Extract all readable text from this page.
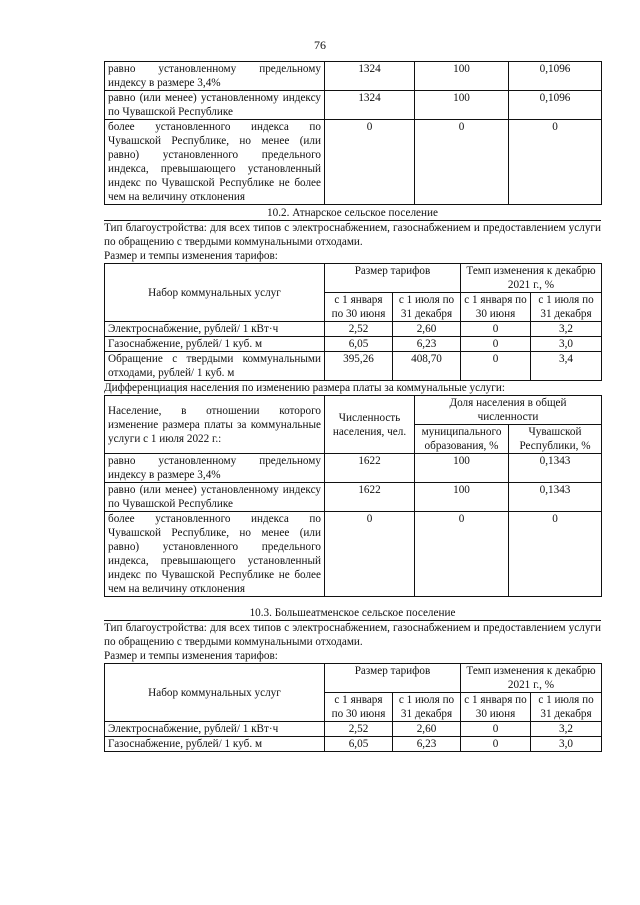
76
равно установленному предельному индексу в размере 3,4%	1324	100	0,1096
равно (или менее) установленному индексу по Чувашской Республике	1324	100	0,1096
более установленного индекса по Чувашской Республике, но менее (или равно) установленного предельного индекса, превышающего установленный индекс по Чувашской Республике не более чем на величину отклонения	0	0	0
10.2. Атнарское сельское поселение
Тип благоустройства: для всех типов с электроснабжением, газоснабжением и предоставлением услуги по обращению с твердыми коммунальными отходами.
Размер и темпы изменения тарифов:
Набор коммунальных услуг	Размер тарифов		Темп изменения к декабрю 2021 г., %	
	с 1 января по 30 июня	с 1 июля по 31 декабря	с 1 января по 30 июня	с 1 июля по 31 декабря
Электроснабжение, рублей/ 1 кВт·ч	2,52	2,60	0	3,2
Газоснабжение, рублей/ 1 куб. м	6,05	6,23	0	3,0
Обращение с твердыми коммунальными отходами, рублей/ 1 куб. м	395,26	408,70	0	3,4
Дифференциация населения по изменению размера платы за коммунальные услуги:
Население, в отношении которого изменение размера платы за коммунальные услуги с 1 июля 2022 г.:	Численность населения, чел.	Доля населения в общей численности	
		муниципального образования, %	Чувашской Республики, %
равно установленному предельному индексу в размере 3,4%	1622	100	0,1343
равно (или менее) установленному индексу по Чувашской Республике	1622	100	0,1343
более установленного индекса по Чувашской Республике, но менее (или равно) установленного предельного индекса, превышающего установленный индекс по Чувашской Республике не более чем на величину отклонения	0	0	0
10.3. Большеатменское сельское поселение
Тип благоустройства: для всех типов с электроснабжением, газоснабжением и предоставлением услуги по обращению с твердыми коммунальными отходами.
Размер и темпы изменения тарифов:
Набор коммунальных услуг	Размер тарифов		Темп изменения к декабрю 2021 г., %	
	с 1 января по 30 июня	с 1 июля по 31 декабря	с 1 января по 30 июня	с 1 июля по 31 декабря
Электроснабжение, рублей/ 1 кВт·ч	2,52	2,60	0	3,2
Газоснабжение, рублей/ 1 куб. м	6,05	6,23	0	3,0
